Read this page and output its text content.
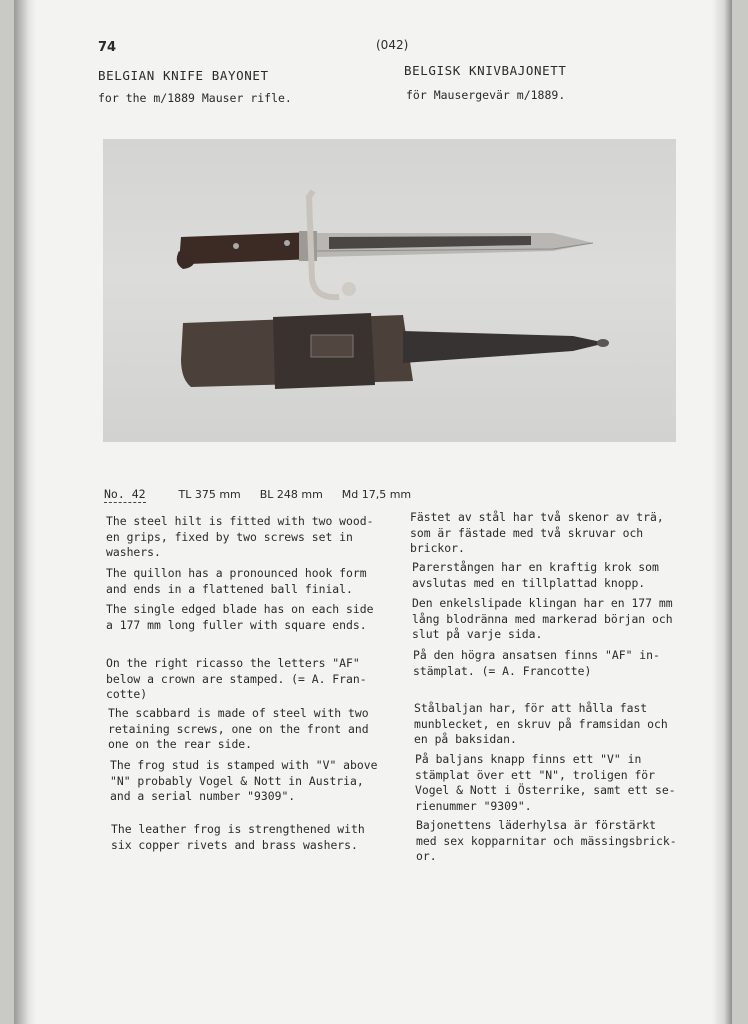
74	(042)
BELGIAN KNIFE BAYONET
for the m/1889 Mauser rifle.
BELGISK KNIVBAJONETT
för Mausergevär m/1889.
No. 42	TL 375 mm BL 248 mm Md 17,5 mm
The steel hilt is fitted with two wood-
en grips, fixed by two screws set in
washers.
The quillon has a pronounced hook form
and ends in a flattened ball finial.
The single edged blade has on each side
a 177 mm long fuller with square ends.
On the right ricasso the letters "AF"
below a crown are stamped. (= A. Fran-
cotte)
The scabbard is made of steel with two
retaining screws, one on the front and
one on the rear side.
The frog stud is stamped with "V" above
"N" probably Vogel & Nott in Austria,
and a serial number "9309".
The leather frog is strengthened with
six copper rivets and brass washers.
Fästet av stål har två skenor av trä,
som är fästade med två skruvar och
brickor.
Parerstången har en kraftig krok som
avslutas med en tillplattad knopp.
Den enkelslipade klingan har en 177 mm
lång blodränna med markerad början och
slut på varje sida.
På den högra ansatsen finns "AF" in-
stämplat. (= A. Francotte)
Stålbaljan har, för att hålla fast
munblecket, en skruv på framsidan och
en på baksidan.
På baljans knapp finns ett "V" in
stämplat över ett "N", troligen för
Vogel & Nott i Österrike, samt ett se-
rienummer "9309".
Bajonettens läderhylsa är förstärkt
med sex kopparnitar och mässingsbrick-
or.
